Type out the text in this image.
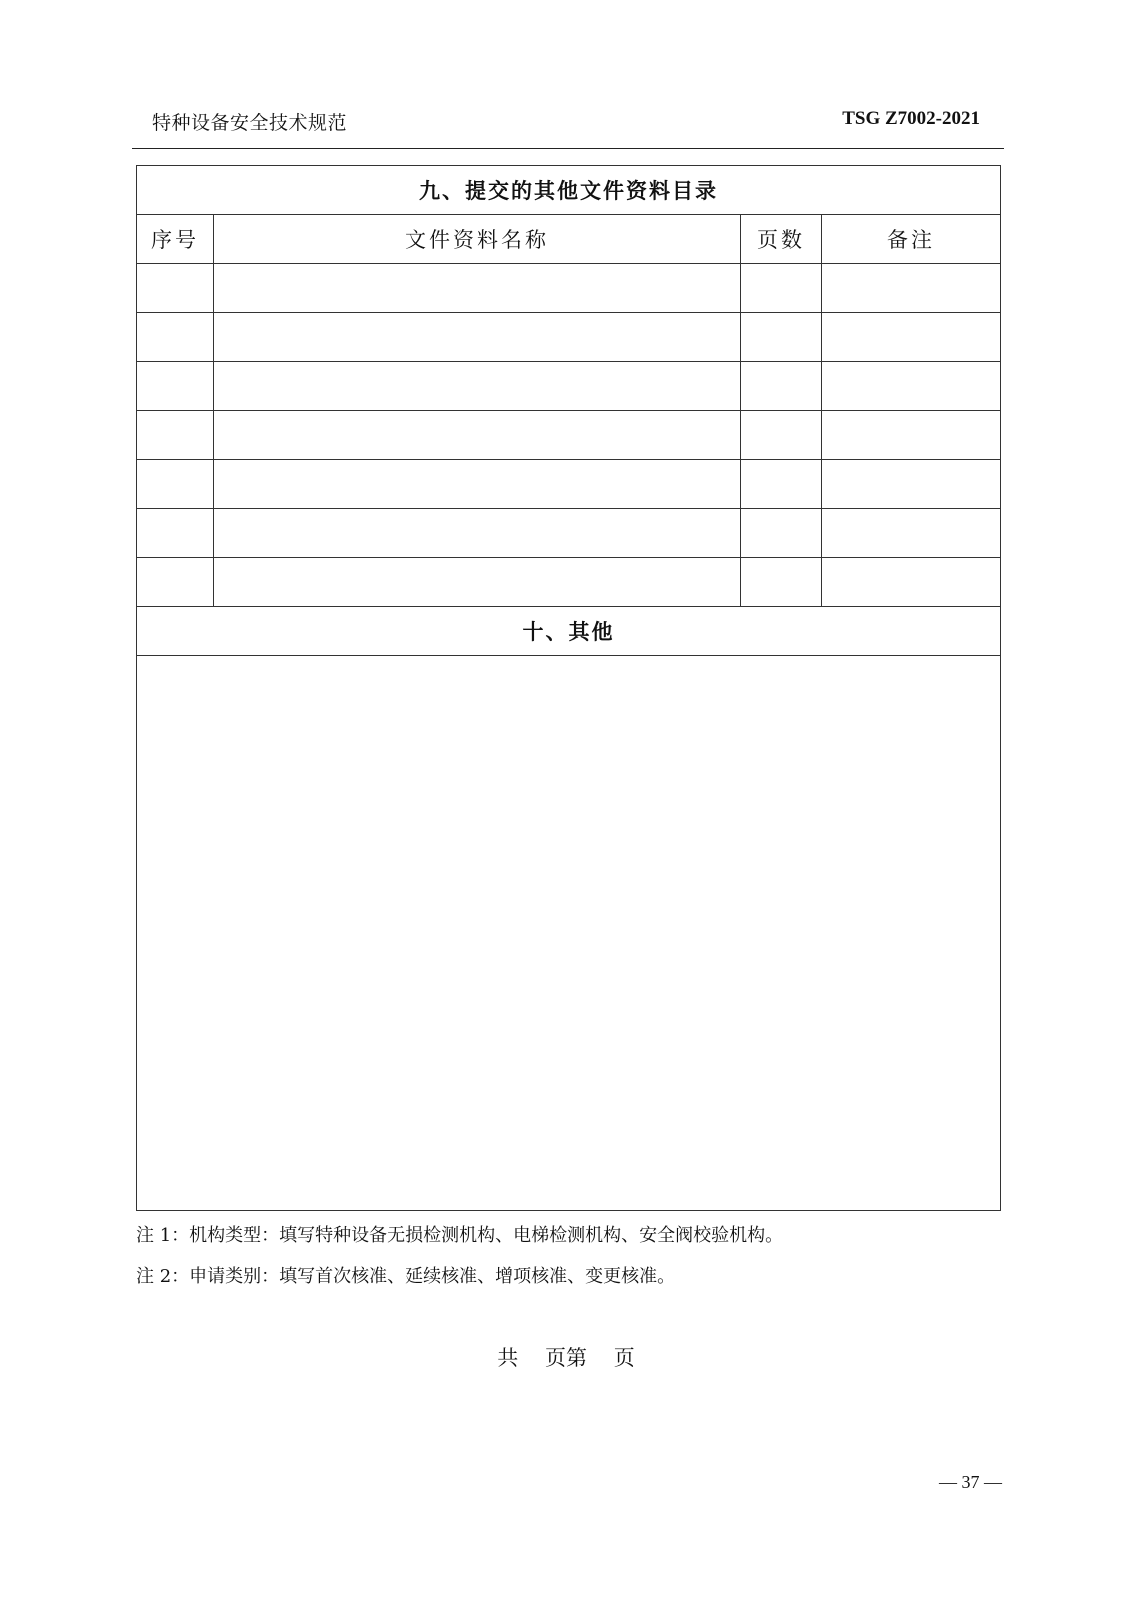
特种设备安全技术规范	TSG Z7002-2021
九、提交的其他文件资料目录			
序号	文件资料名称	页数	备注

十、其他			

注 1：机构类型：填写特种设备无损检测机构、电梯检测机构、安全阀校验机构。
注 2：申请类别：填写首次核准、延续核准、增项核准、变更核准。
共    页第    页
— 37 —
